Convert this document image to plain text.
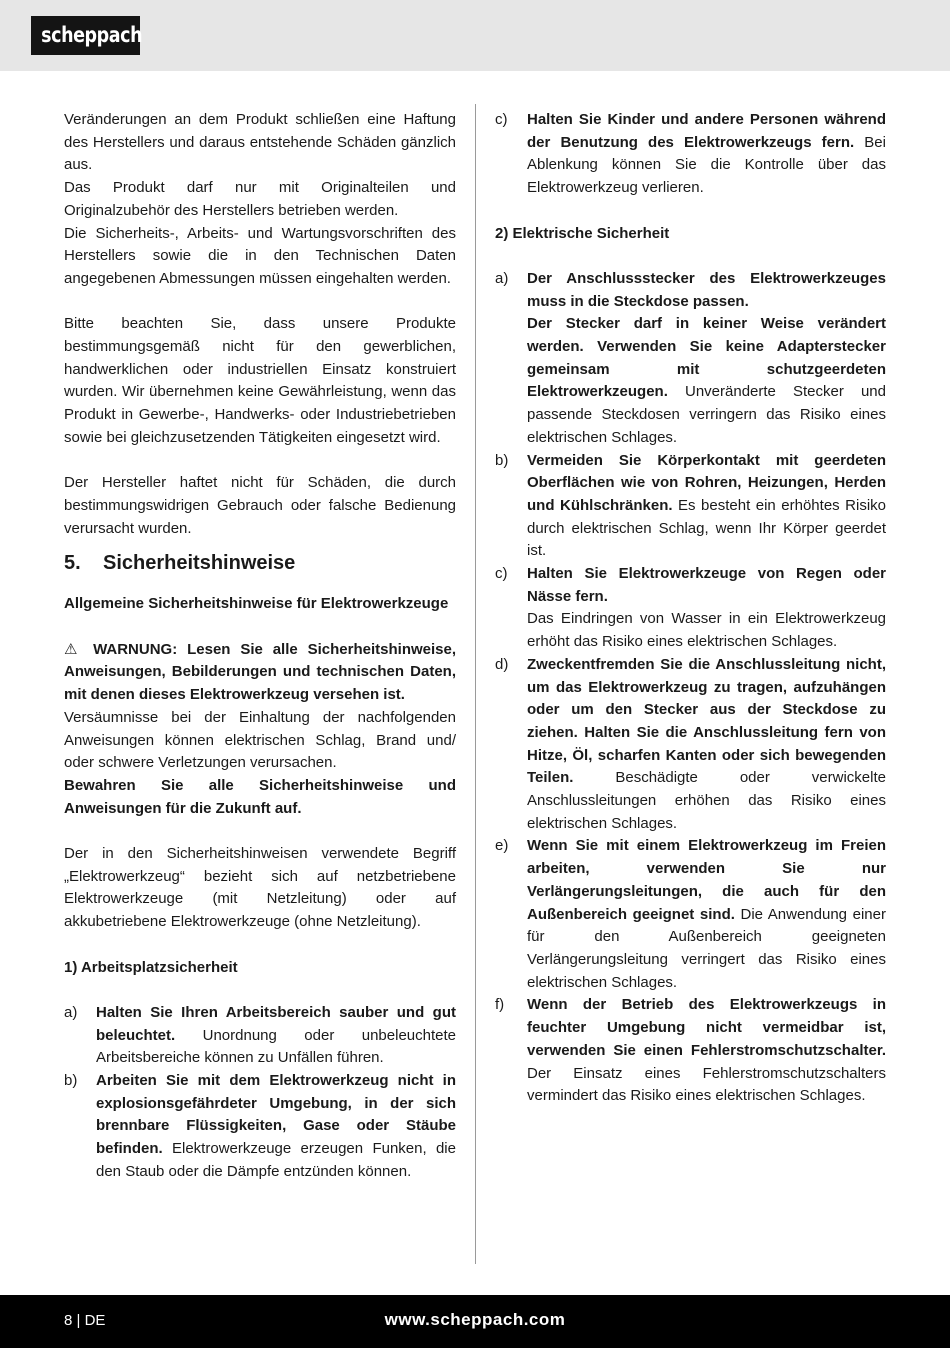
scheppach

Veränderungen an dem Produkt schließen eine Haftung des Herstellers und daraus entstehende Schäden gänzlich aus.

Das Produkt darf nur mit Originalteilen und Originalzubehör des Herstellers betrieben werden.

Die Sicherheits-, Arbeits- und Wartungsvorschriften des Herstellers sowie die in den Technischen Daten angegebenen Abmessungen müssen eingehalten werden.

Bitte beachten Sie, dass unsere Produkte bestimmungsgemäß nicht für den gewerblichen, handwerklichen oder industriellen Einsatz konstruiert wurden. Wir übernehmen keine Gewährleistung, wenn das Produkt in Gewerbe-, Handwerks- oder Industriebetrieben sowie bei gleichzusetzenden Tätigkeiten eingesetzt wird.

Der Hersteller haftet nicht für Schäden, die durch bestimmungswidrigen Gebrauch oder falsche Bedienung verursacht wurden.

5.	Sicherheitshinweise

Allgemeine Sicherheitshinweise für Elektrowerkzeuge

⚠ WARNUNG: Lesen Sie alle Sicherheitshinweise, Anweisungen, Bebilderungen und technischen Daten, mit denen dieses Elektrowerkzeug versehen ist.

Versäumnisse bei der Einhaltung der nachfolgenden Anweisungen können elektrischen Schlag, Brand und/ oder schwere Verletzungen verursachen.

Bewahren Sie alle Sicherheitshinweise und Anweisungen für die Zukunft auf.

Der in den Sicherheitshinweisen verwendete Begriff „Elektrowerkzeug“ bezieht sich auf netzbetriebene Elektrowerkzeuge (mit Netzleitung) oder auf akkubetriebene Elektrowerkzeuge (ohne Netzleitung).

1) Arbeitsplatzsicherheit

a)	Halten Sie Ihren Arbeitsbereich sauber und gut beleuchtet. Unordnung oder unbeleuchtete Arbeitsbereiche können zu Unfällen führen.

b)	Arbeiten Sie mit dem Elektrowerkzeug nicht in explosionsgefährdeter Umgebung, in der sich brennbare Flüssigkeiten, Gase oder Stäube befinden. Elektrowerkzeuge erzeugen Funken, die den Staub oder die Dämpfe entzünden können.

c)	Halten Sie Kinder und andere Personen während der Benutzung des Elektrowerkzeugs fern. Bei Ablenkung können Sie die Kontrolle über das Elektrowerkzeug verlieren.

2) Elektrische Sicherheit

a)	Der Anschlussstecker des Elektrowerkzeuges muss in die Steckdose passen.

Der Stecker darf in keiner Weise verändert werden. Verwenden Sie keine Adapterstecker gemeinsam mit schutzgeerdeten Elektrowerkzeugen. Unveränderte Stecker und passende Steckdosen verringern das Risiko eines elektrischen Schlages.

b)	Vermeiden Sie Körperkontakt mit geerdeten Oberflächen wie von Rohren, Heizungen, Herden und Kühlschränken. Es besteht ein erhöhtes Risiko durch elektrischen Schlag, wenn Ihr Körper geerdet ist.

c)	Halten Sie Elektrowerkzeuge von Regen oder Nässe fern.

Das Eindringen von Wasser in ein Elektrowerkzeug erhöht das Risiko eines elektrischen Schlages.

d)	Zweckentfremden Sie die Anschlussleitung nicht, um das Elektrowerkzeug zu tragen, aufzuhängen oder um den Stecker aus der Steckdose zu ziehen. Halten Sie die Anschlussleitung fern von Hitze, Öl, scharfen Kanten oder sich bewegenden Teilen. Beschädigte oder verwickelte Anschlussleitungen erhöhen das Risiko eines elektrischen Schlages.

e)	Wenn Sie mit einem Elektrowerkzeug im Freien arbeiten, verwenden Sie nur Verlängerungsleitungen, die auch für den Außenbereich geeignet sind. Die Anwendung einer für den Außenbereich geeigneten Verlängerungsleitung verringert das Risiko eines elektrischen Schlages.

f)	Wenn der Betrieb des Elektrowerkzeugs in feuchter Umgebung nicht vermeidbar ist, verwenden Sie einen Fehlerstromschutzschalter. Der Einsatz eines Fehlerstromschutzschalters vermindert das Risiko eines elektrischen Schlages.

8 | DE	www.scheppach.com
